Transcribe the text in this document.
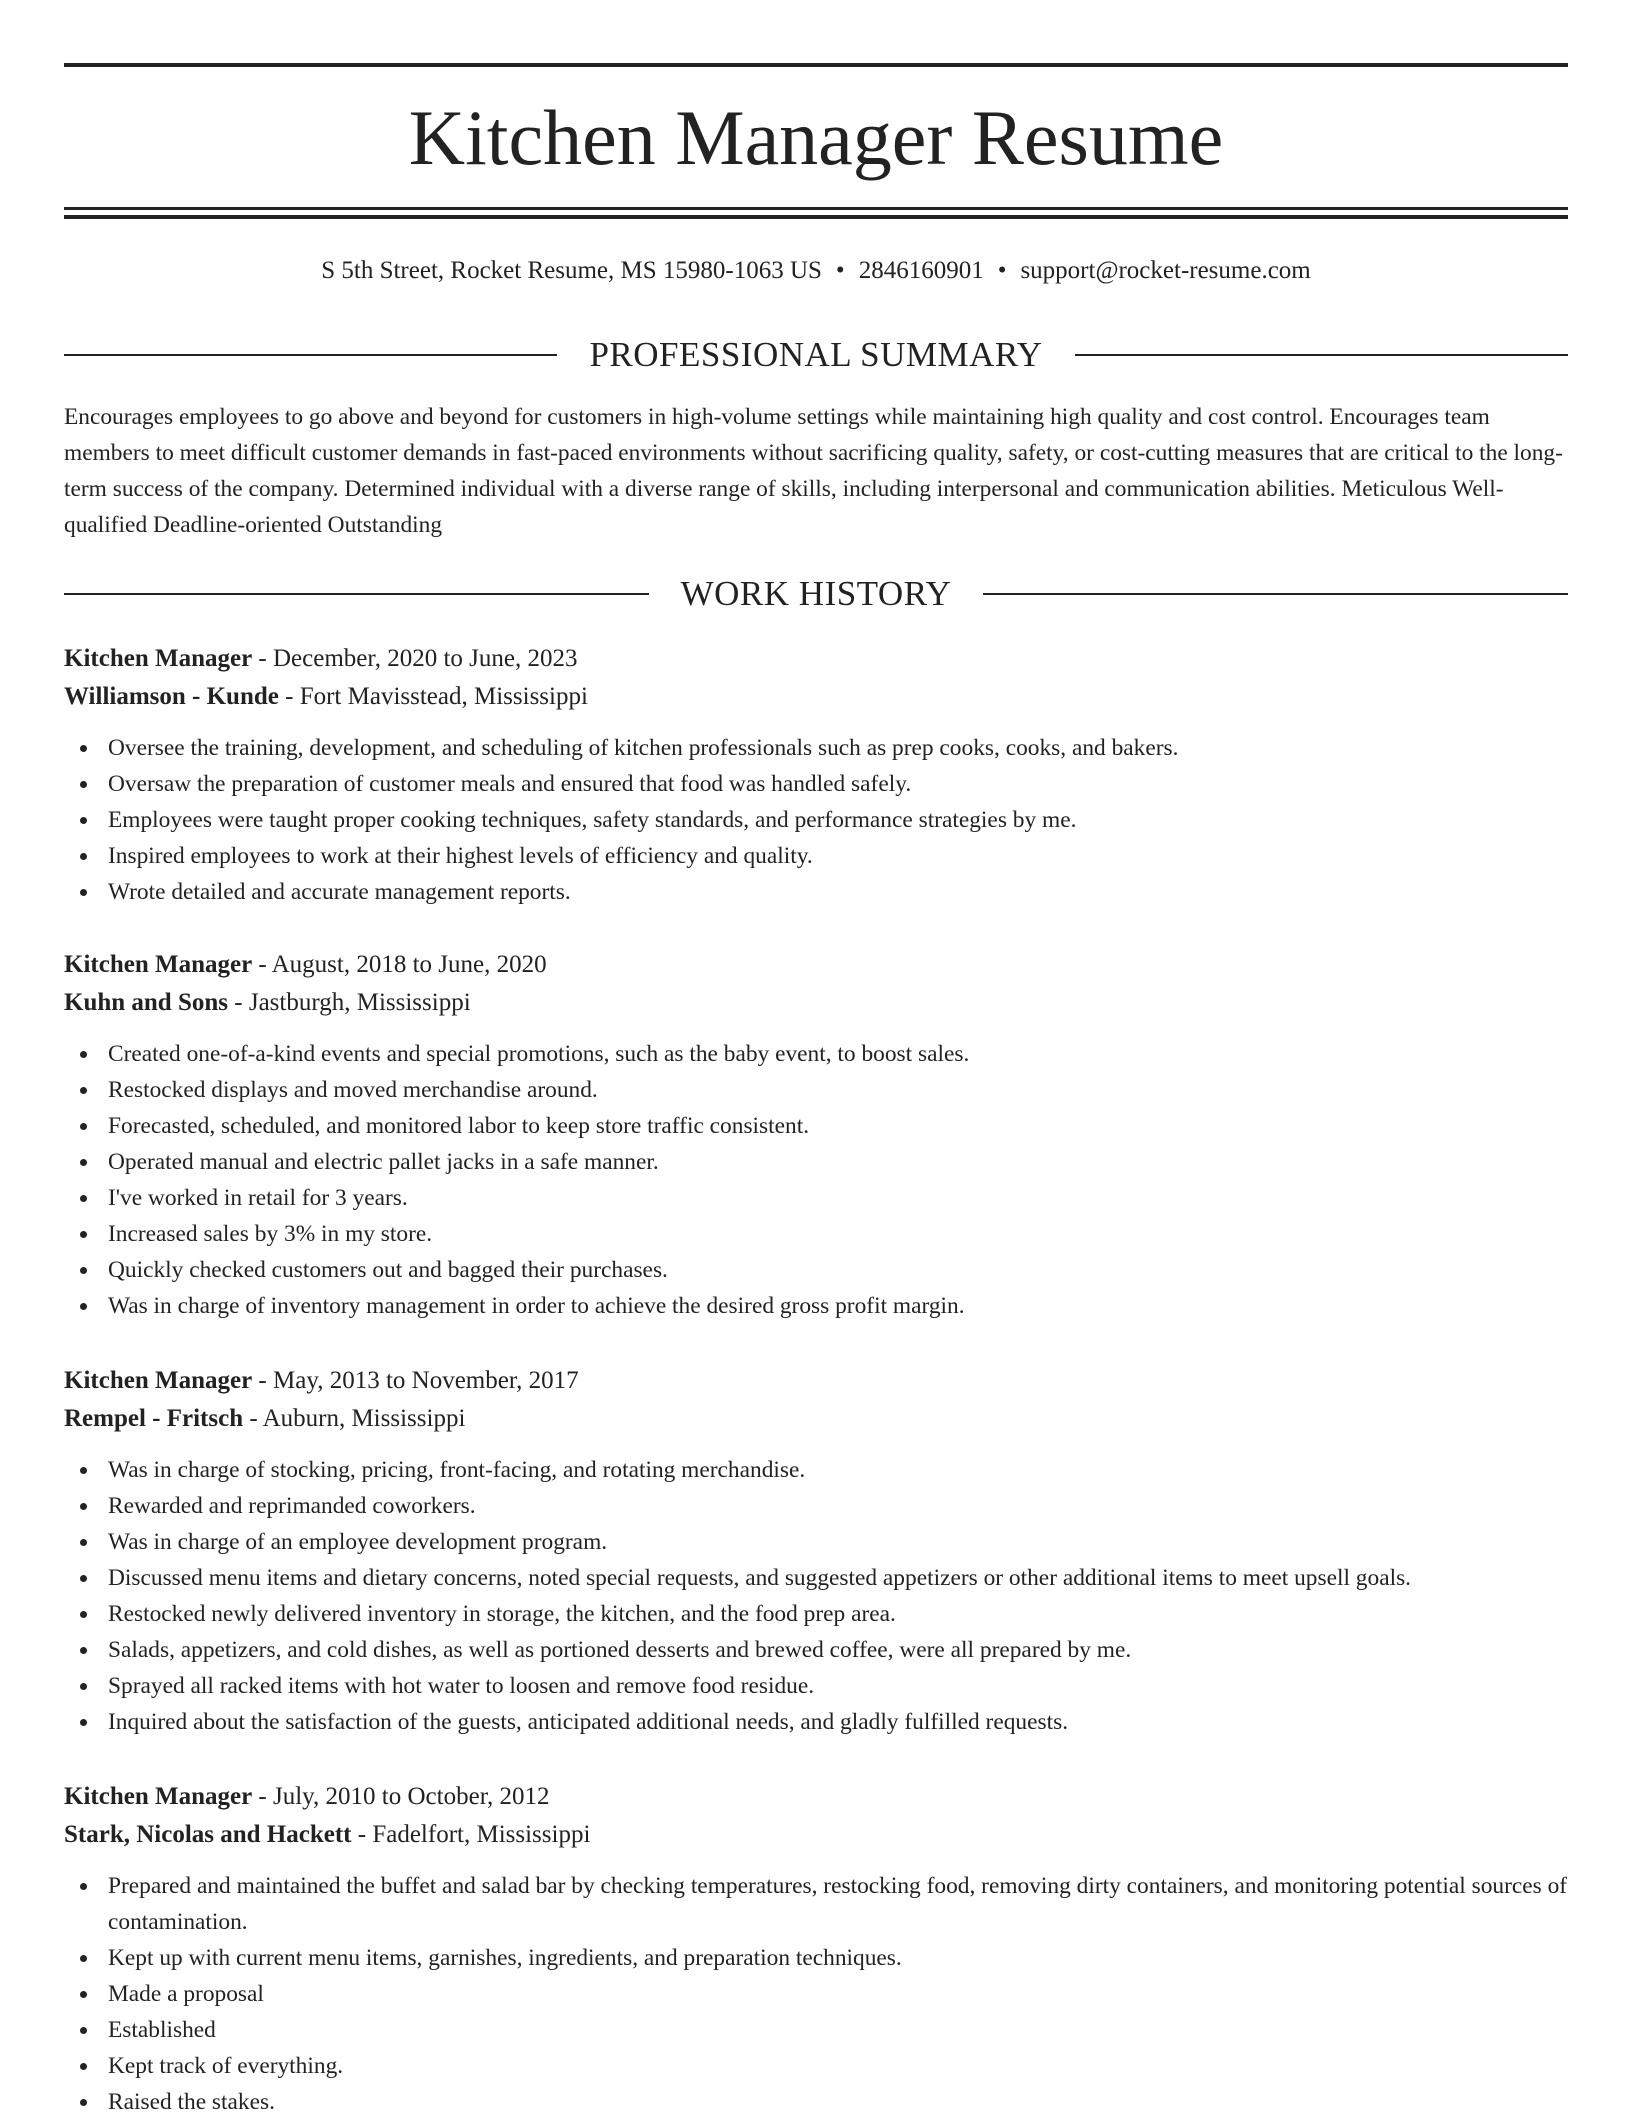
Kitchen Manager Resume
S 5th Street, Rocket Resume, MS 15980-1063 US • 2846160901 • support@rocket-resume.com
PROFESSIONAL SUMMARY

Encourages employees to go above and beyond for customers in high-volume settings while maintaining high quality and cost control. Encourages team members to meet difficult customer demands in fast-paced environments without sacrificing quality, safety, or cost-cutting measures that are critical to the long-term success of the company. Determined individual with a diverse range of skills, including interpersonal and communication abilities. Meticulous Well-qualified Deadline-oriented Outstanding

WORK HISTORY
Kitchen Manager - December, 2020 to June, 2023
Williamson - Kunde - Fort Mavisstead, Mississippi
Oversee the training, development, and scheduling of kitchen professionals such as prep cooks, cooks, and bakers.
Oversaw the preparation of customer meals and ensured that food was handled safely.
Employees were taught proper cooking techniques, safety standards, and performance strategies by me.
Inspired employees to work at their highest levels of efficiency and quality.
Wrote detailed and accurate management reports.
Kitchen Manager - August, 2018 to June, 2020
Kuhn and Sons - Jastburgh, Mississippi
Created one-of-a-kind events and special promotions, such as the baby event, to boost sales.
Restocked displays and moved merchandise around.
Forecasted, scheduled, and monitored labor to keep store traffic consistent.
Operated manual and electric pallet jacks in a safe manner.
I've worked in retail for 3 years.
Increased sales by 3% in my store.
Quickly checked customers out and bagged their purchases.
Was in charge of inventory management in order to achieve the desired gross profit margin.
Kitchen Manager - May, 2013 to November, 2017
Rempel - Fritsch - Auburn, Mississippi
Was in charge of stocking, pricing, front-facing, and rotating merchandise.
Rewarded and reprimanded coworkers.
Was in charge of an employee development program.
Discussed menu items and dietary concerns, noted special requests, and suggested appetizers or other additional items to meet upsell goals.
Restocked newly delivered inventory in storage, the kitchen, and the food prep area.
Salads, appetizers, and cold dishes, as well as portioned desserts and brewed coffee, were all prepared by me.
Sprayed all racked items with hot water to loosen and remove food residue.
Inquired about the satisfaction of the guests, anticipated additional needs, and gladly fulfilled requests.
Kitchen Manager - July, 2010 to October, 2012
Stark, Nicolas and Hackett - Fadelfort, Mississippi
Prepared and maintained the buffet and salad bar by checking temperatures, restocking food, removing dirty containers, and monitoring potential sources of contamination.
Kept up with current menu items, garnishes, ingredients, and preparation techniques.
Made a proposal
Established
Kept track of everything.
Raised the stakes.
